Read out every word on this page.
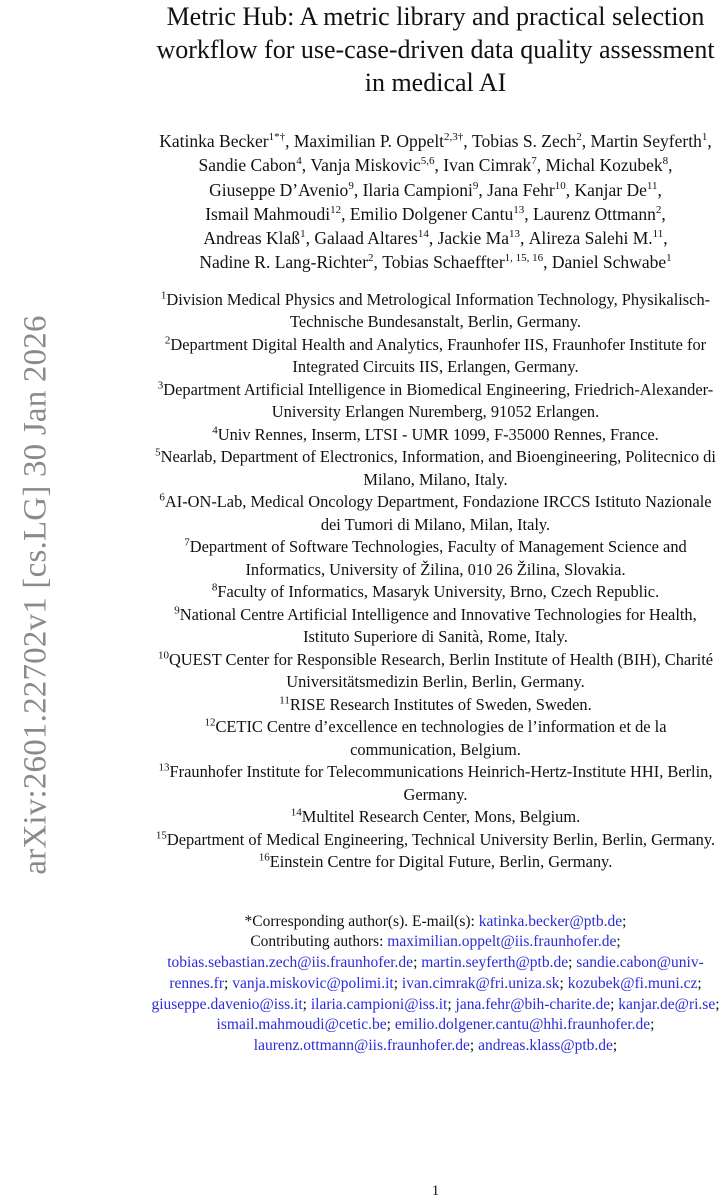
arXiv:2601.22702v1 [cs.LG] 30 Jan 2026
Metric Hub: A metric library and practical selection workflow for use-case-driven data quality assessment in medical AI
Katinka Becker$^{1*\dagger}$, Maximilian P. Oppelt$^{2,3\dagger}$, Tobias S. Zech$^2$, Martin Seyferth$^1$, Sandie Cabon$^4$, Vanja Miskovic$^{5,6}$, Ivan Cimrak$^7$, Michal Kozubek$^8$, Giuseppe D’Avenio$^9$, Ilaria Campioni$^9$, Jana Fehr$^{10}$, Kanjar De$^{11}$, Ismail Mahmoudi$^{12}$, Emilio Dolgener Cantu$^{13}$, Laurenz Ottmann$^2$, Andreas Klaß$^1$, Galaad Altares$^{14}$, Jackie Ma$^{13}$, Alireza Salehi M.$^{11}$, Nadine R. Lang-Richter$^2$, Tobias Schaeffter$^{1, 15, 16}$, Daniel Schwabe$^1$
$^1$Division Medical Physics and Metrological Information Technology, Physikalisch-Technische Bundesanstalt, Berlin, Germany.
$^2$Department Digital Health and Analytics, Fraunhofer IIS, Fraunhofer Institute for Integrated Circuits IIS, Erlangen, Germany.
$^3$Department Artificial Intelligence in Biomedical Engineering, Friedrich-Alexander-University Erlangen Nuremberg, 91052 Erlangen.
$^4$Univ Rennes, Inserm, LTSI - UMR 1099, F-35000 Rennes, France.
$^5$Nearlab, Department of Electronics, Information, and Bioengineering, Politecnico di Milano, Milano, Italy.
$^6$AI-ON-Lab, Medical Oncology Department, Fondazione IRCCS Istituto Nazionale dei Tumori di Milano, Milan, Italy.
$^7$Department of Software Technologies, Faculty of Management Science and Informatics, University of Žilina, 010 26 Žilina, Slovakia.
$^8$Faculty of Informatics, Masaryk University, Brno, Czech Republic.
$^9$National Centre Artificial Intelligence and Innovative Technologies for Health, Istituto Superiore di Sanità, Rome, Italy.
$^{10}$QUEST Center for Responsible Research, Berlin Institute of Health (BIH), Charité Universitätsmedizin Berlin, Berlin, Germany.
$^{11}$RISE Research Institutes of Sweden, Sweden.
$^{12}$CETIC Centre d’excellence en technologies de l’information et de la communication, Belgium.
$^{13}$Fraunhofer Institute for Telecommunications Heinrich-Hertz-Institute HHI, Berlin, Germany.
$^{14}$Multitel Research Center, Mons, Belgium.
$^{15}$Department of Medical Engineering, Technical University Berlin, Berlin, Germany.
$^{16}$Einstein Centre for Digital Future, Berlin, Germany.
*Corresponding author(s). E-mail(s): katinka.becker@ptb.de;
Contributing authors: maximilian.oppelt@iis.fraunhofer.de; tobias.sebastian.zech@iis.fraunhofer.de; martin.seyferth@ptb.de; sandie.cabon@univ-rennes.fr; vanja.miskovic@polimi.it; ivan.cimrak@fri.uniza.sk; kozubek@fi.muni.cz; giuseppe.davenio@iss.it; ilaria.campioni@iss.it; jana.fehr@bih-charite.de; kanjar.de@ri.se; ismail.mahmoudi@cetic.be; emilio.dolgener.cantu@hhi.fraunhofer.de; laurenz.ottmann@iis.fraunhofer.de; andreas.klass@ptb.de;
1
